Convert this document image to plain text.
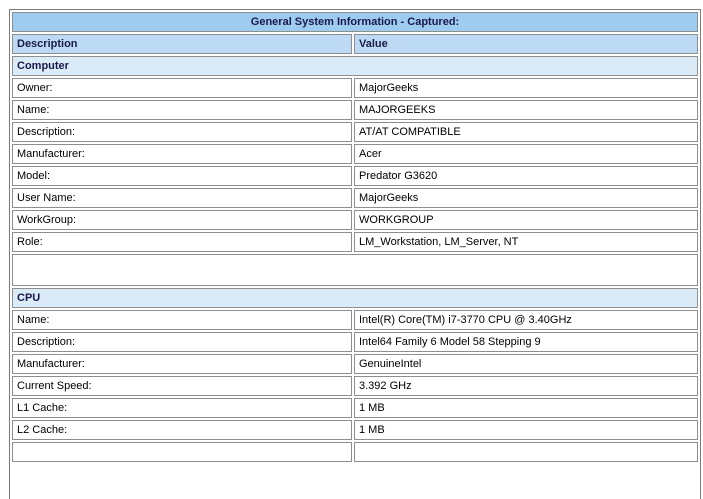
General System Information - Captured:	
Description	Value
Computer	
Owner:	MajorGeeks
Name:	MAJORGEEKS
Description:	AT/AT COMPATIBLE
Manufacturer:	Acer
Model:	Predator G3620
User Name:	MajorGeeks
WorkGroup:	WORKGROUP
Role:	LM_Workstation, LM_Server, NT

CPU	
Name:	Intel(R) Core(TM) i7-3770 CPU @ 3.40GHz
Description:	Intel64 Family 6 Model 58 Stepping 9
Manufacturer:	GenuineIntel
Current Speed:	3.392 GHz
L1 Cache:	1 MB
L2 Cache:	1 MB
